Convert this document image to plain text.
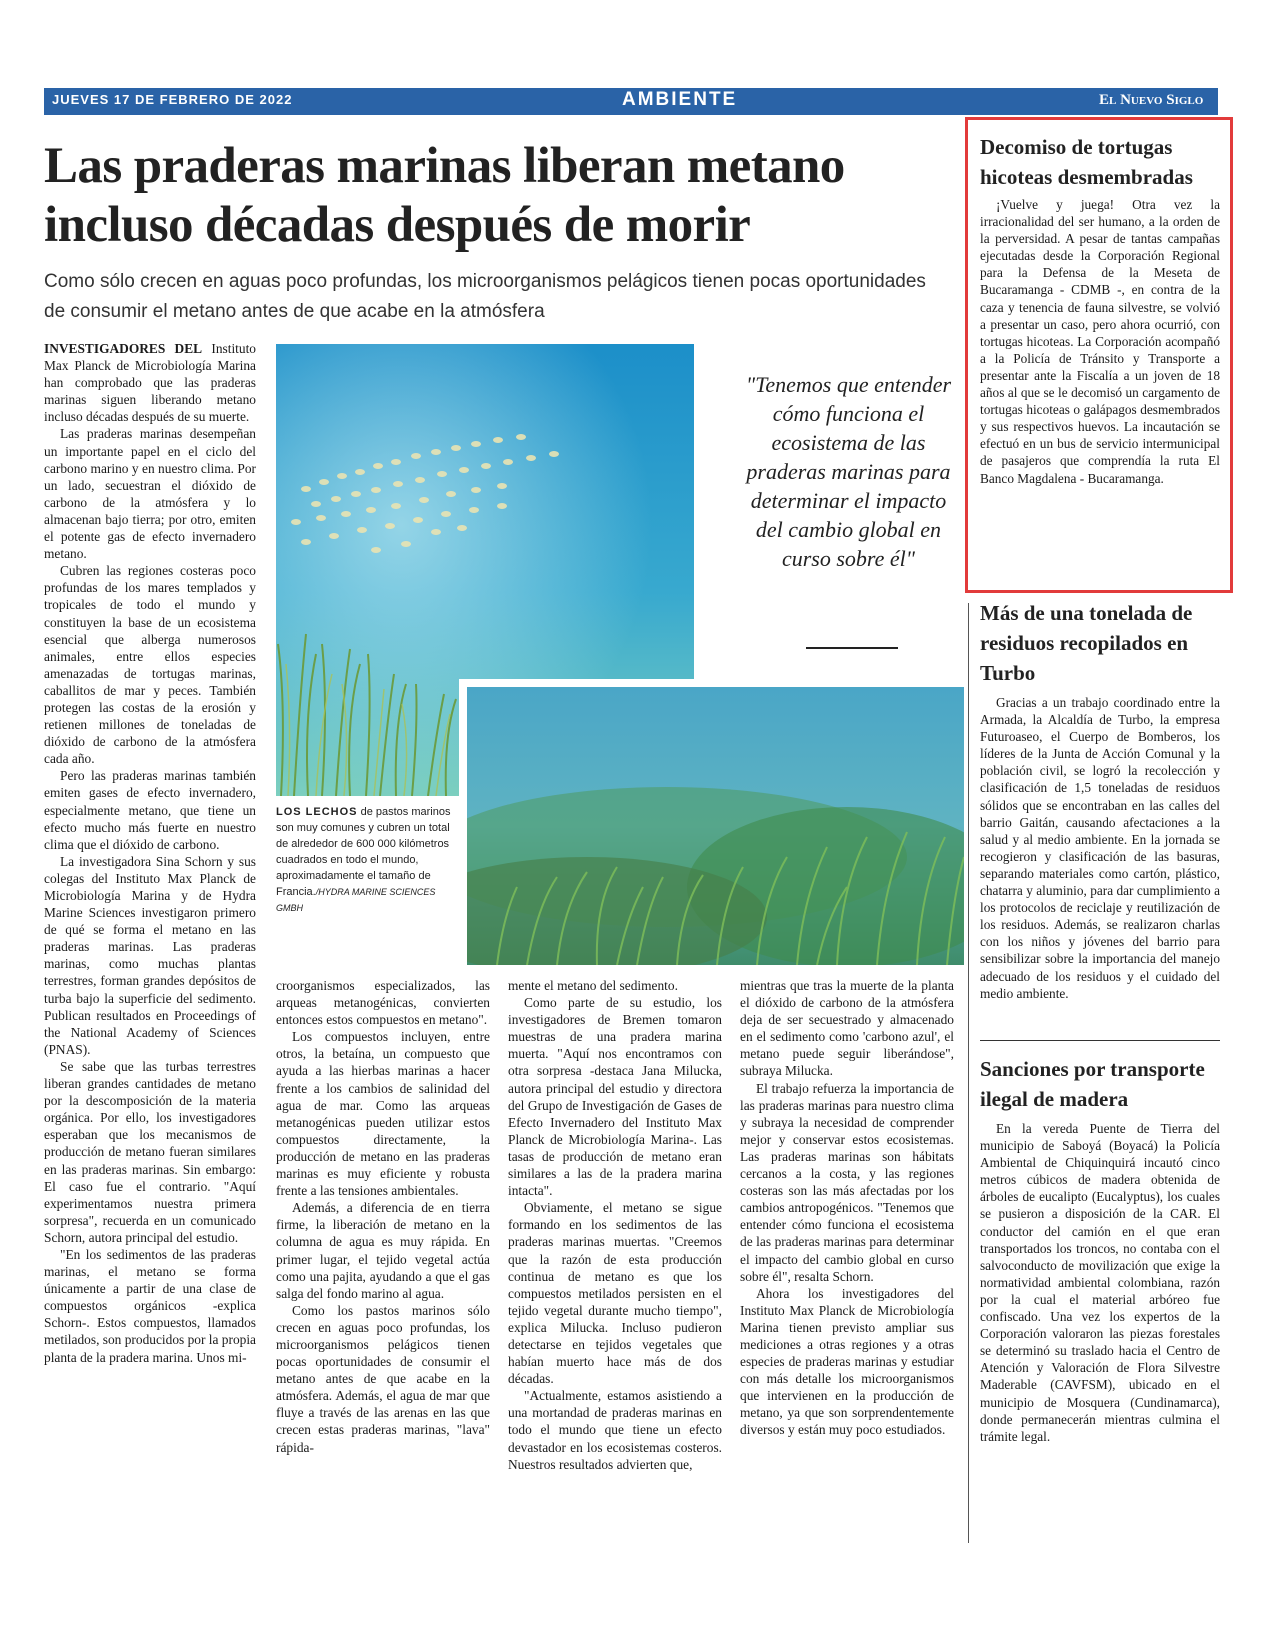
JUEVES 17 DE FEBRERO DE 2022	AMBIENTE	El Nuevo Siglo 11A
Las praderas marinas liberan metano incluso décadas después de morir

Como sólo crecen en aguas poco profundas, los microorganismos pelágicos tienen pocas oportunidades de consumir el metano antes de que acabe en la atmósfera

INVESTIGADORES DEL Instituto Max Planck de Microbiología Marina han comprobado que las praderas marinas siguen liberando metano incluso décadas después de su muerte.

Las praderas marinas desempeñan un importante papel en el ciclo del carbono marino y en nuestro clima. Por un lado, secuestran el dióxido de carbono de la atmósfera y lo almacenan bajo tierra; por otro, emiten el potente gas de efecto invernadero metano.

Cubren las regiones costeras poco profundas de los mares templados y tropicales de todo el mundo y constituyen la base de un ecosistema esencial que alberga numerosos animales, entre ellos especies amenazadas de tortugas marinas, caballitos de mar y peces. También protegen las costas de la erosión y retienen millones de toneladas de dióxido de carbono de la atmósfera cada año.

Pero las praderas marinas también emiten gases de efecto invernadero, especialmente metano, que tiene un efecto mucho más fuerte en nuestro clima que el dióxido de carbono.

La investigadora Sina Schorn y sus colegas del Instituto Max Planck de Microbiología Marina y de Hydra Marine Sciences investigaron primero de qué se forma el metano en las praderas marinas. Las praderas marinas, como muchas plantas terrestres, forman grandes depósitos de turba bajo la superficie del sedimento. Publican resultados en Proceedings of the National Academy of Sciences (PNAS).

Se sabe que las turbas terrestres liberan grandes cantidades de metano por la descomposición de la materia orgánica. Por ello, los investigadores esperaban que los mecanismos de producción de metano fueran similares en las praderas marinas. Sin embargo: El caso fue el contrario. "Aquí experimentamos nuestra primera sorpresa", recuerda en un comunicado Schorn, autora principal del estudio.

"En los sedimentos de las praderas marinas, el metano se forma únicamente a partir de una clase de compuestos orgánicos -explica Schorn-. Estos compuestos, llamados metilados, son producidos por la propia planta de la pradera marina. Unos mi-

LOS LECHOS de pastos marinos son muy comunes y cubren un total de alrededor de 600 000 kilómetros cuadrados en todo el mundo, aproximadamente el tamaño de Francia./HYDRA MARINE SCIENCES GMBH
"Tenemos que entender cómo funciona el ecosistema de las praderas marinas para determinar el impacto del cambio global en curso sobre él"

croorganismos especializados, las arqueas metanogénicas, convierten entonces estos compuestos en metano".

Los compuestos incluyen, entre otros, la betaína, un compuesto que ayuda a las hierbas marinas a hacer frente a los cambios de salinidad del agua de mar. Como las arqueas metanogénicas pueden utilizar estos compuestos directamente, la producción de metano en las praderas marinas es muy eficiente y robusta frente a las tensiones ambientales.

Además, a diferencia de en tierra firme, la liberación de metano en la columna de agua es muy rápida. En primer lugar, el tejido vegetal actúa como una pajita, ayudando a que el gas salga del fondo marino al agua.

Como los pastos marinos sólo crecen en aguas poco profundas, los microorganismos pelágicos tienen pocas oportunidades de consumir el metano antes de que acabe en la atmósfera. Además, el agua de mar que fluye a través de las arenas en las que crecen estas praderas marinas, "lava" rápida-

mente el metano del sedimento.

Como parte de su estudio, los investigadores de Bremen tomaron muestras de una pradera marina muerta. "Aquí nos encontramos con otra sorpresa -destaca Jana Milucka, autora principal del estudio y directora del Grupo de Investigación de Gases de Efecto Invernadero del Instituto Max Planck de Microbiología Marina-. Las tasas de producción de metano eran similares a las de la pradera marina intacta".

Obviamente, el metano se sigue formando en los sedimentos de las praderas marinas muertas. "Creemos que la razón de esta producción continua de metano es que los compuestos metilados persisten en el tejido vegetal durante mucho tiempo", explica Milucka. Incluso pudieron detectarse en tejidos vegetales que habían muerto hace más de dos décadas.

"Actualmente, estamos asistiendo a una mortandad de praderas marinas en todo el mundo que tiene un efecto devastador en los ecosistemas costeros. Nuestros resultados advierten que,

mientras que tras la muerte de la planta el dióxido de carbono de la atmósfera deja de ser secuestrado y almacenado en el sedimento como 'carbono azul', el metano puede seguir liberándose", subraya Milucka.

El trabajo refuerza la importancia de las praderas marinas para nuestro clima y subraya la necesidad de comprender mejor y conservar estos ecosistemas. Las praderas marinas son hábitats cercanos a la costa, y las regiones costeras son las más afectadas por los cambios antropogénicos. "Tenemos que entender cómo funciona el ecosistema de las praderas marinas para determinar el impacto del cambio global en curso sobre él", resalta Schorn.

Ahora los investigadores del Instituto Max Planck de Microbiología Marina tienen previsto ampliar sus mediciones a otras regiones y a otras especies de praderas marinas y estudiar con más detalle los microorganismos que intervienen en la producción de metano, ya que son sorprendentemente diversos y están muy poco estudiados.

Decomiso de tortugas hicoteas desmembradas

¡Vuelve y juega! Otra vez la irracionalidad del ser humano, a la orden de la perversidad. A pesar de tantas campañas ejecutadas desde la Corporación Regional para la Defensa de la Meseta de Bucaramanga - CDMB -, en contra de la caza y tenencia de fauna silvestre, se volvió a presentar un caso, pero ahora ocurrió, con tortugas hicoteas. La Corporación acompañó a la Policía de Tránsito y Transporte a presentar ante la Fiscalía a un joven de 18 años al que se le decomisó un cargamento de tortugas hicoteas o galápagos desmembrados y sus respectivos huevos. La incautación se efectuó en un bus de servicio intermunicipal de pasajeros que comprendía la ruta El Banco Magdalena - Bucaramanga.

Más de una tonelada de residuos recopilados en Turbo

Gracias a un trabajo coordinado entre la Armada, la Alcaldía de Turbo, la empresa Futuroaseo, el Cuerpo de Bomberos, los líderes de la Junta de Acción Comunal y la población civil, se logró la recolección y clasificación de 1,5 toneladas de residuos sólidos que se encontraban en las calles del barrio Gaitán, causando afectaciones a la salud y al medio ambiente. En la jornada se recogieron y clasificación de las basuras, separando materiales como cartón, plástico, chatarra y aluminio, para dar cumplimiento a los protocolos de reciclaje y reutilización de los residuos. Además, se realizaron charlas con los niños y jóvenes del barrio para sensibilizar sobre la importancia del manejo adecuado de los residuos y el cuidado del medio ambiente.

Sanciones por transporte ilegal de madera

En la vereda Puente de Tierra del municipio de Saboyá (Boyacá) la Policía Ambiental de Chiquinquirá incautó cinco metros cúbicos de madera obtenida de árboles de eucalipto (Eucalyptus), los cuales se pusieron a disposición de la CAR. El conductor del camión en el que eran transportados los troncos, no contaba con el salvoconducto de movilización que exige la normatividad ambiental colombiana, razón por la cual el material arbóreo fue confiscado. Una vez los expertos de la Corporación valoraron las piezas forestales se determinó su traslado hacia el Centro de Atención y Valoración de Flora Silvestre Maderable (CAVFSM), ubicado en el municipio de Mosquera (Cundinamarca), donde permanecerán mientras culmina el trámite legal.
